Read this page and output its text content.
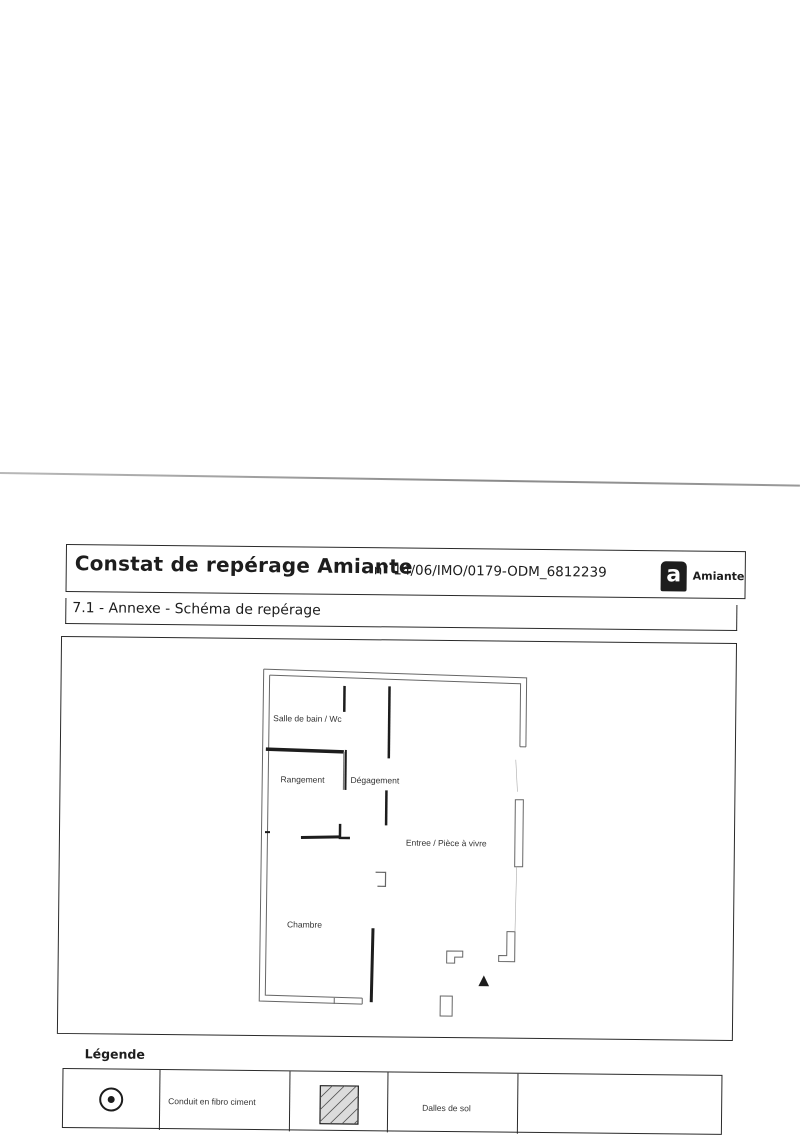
Constat de repérage Amiante
n° 14/06/IMO/0179-ODM_6812239	a	Amiante
7.1 - Annexe - Schéma de repérage
Salle de bain / Wc
Rangement	Dégagement
Entree / Pièce à vivre
Chambre
▲
Légende
Conduit en fibro ciment
Dalles de sol
